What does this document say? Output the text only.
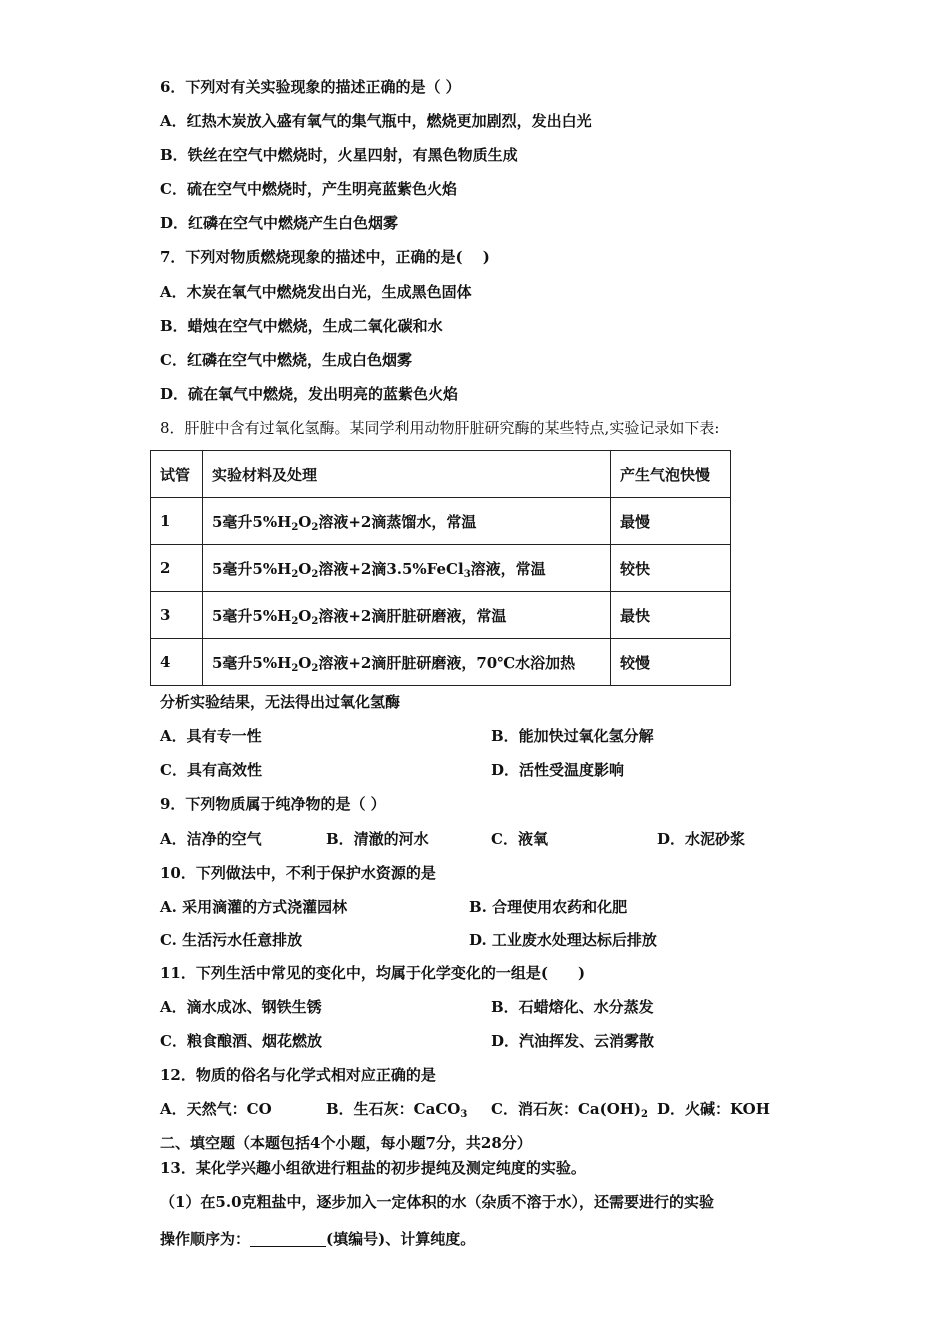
6．下列对有关实验现象的描述正确的是（ ）
A．红热木炭放入盛有氧气的集气瓶中，燃烧更加剧烈，发出白光
B．铁丝在空气中燃烧时，火星四射，有黑色物质生成
C．硫在空气中燃烧时，产生明亮蓝紫色火焰
D．红磷在空气中燃烧产生白色烟雾
7．下列对物质燃烧现象的描述中，正确的是(　 )
A．木炭在氧气中燃烧发出白光，生成黑色固体
B．蜡烛在空气中燃烧，生成二氧化碳和水
C．红磷在空气中燃烧，生成白色烟雾
D．硫在氧气中燃烧，发出明亮的蓝紫色火焰
8．肝脏中含有过氧化氢酶。某同学利用动物肝脏研究酶的某些特点,实验记录如下表:
试管	实验材料及处理	产生气泡快慢
1	5毫升$5\%H_2O_2$溶液+2滴蒸馏水，常温	最慢
2	5毫升$5\%H_2O_2$溶液+2滴3.5%FeCl$_3$溶液，常温	较快
3	5毫升$5\%H_2O_2$溶液+2滴肝脏研磨液，常温	最快
4	5毫升$5\%H_2O_2$溶液+2滴肝脏研磨液，70℃水浴加热	较慢
分析实验结果，无法得出过氧化氢酶
A．具有专一性	B．能加快过氧化氢分解
C．具有高效性	D．活性受温度影响
9．下列物质属于纯净物的是（ ）
A．洁净的空气	B．清澈的河水	C．液氧	D．水泥砂浆
10．下列做法中，不利于保护水资源的是
A. 采用滴灌的方式浇灌园林	B. 合理使用农药和化肥
C. 生活污水任意排放	D. 工业废水处理达标后排放
11．下列生活中常见的变化中，均属于化学变化的一组是(　　)
A．滴水成冰、钢铁生锈	B．石蜡熔化、水分蒸发
C．粮食酿酒、烟花燃放	D．汽油挥发、云消雾散
12．物质的俗名与化学式相对应正确的是
A．天然气：CO	B．生石灰：CaCO$_3$ C．消石灰：$Ca(OH)_2$ D．火碱：KOH
二、填空题（本题包括4个小题，每小题7分，共28分）
13．某化学兴趣小组欲进行粗盐的初步提纯及测定纯度的实验。
（1）在5.0克粗盐中，逐步加入一定体积的水（杂质不溶于水），还需要进行的实验
操作顺序为：	(填编号)、计算纯度。
